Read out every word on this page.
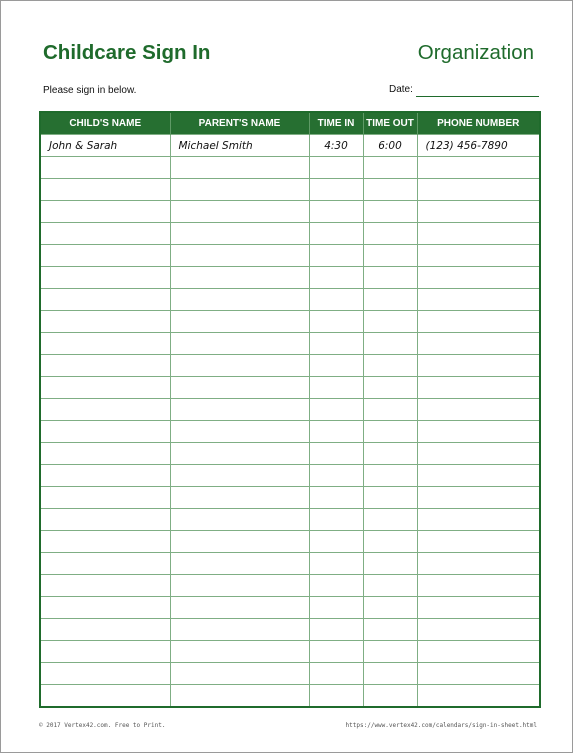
Childcare Sign In	Organization
Please sign in below.	Date:
CHILD'S NAME	PARENT'S NAME	TIME IN	TIME OUT	PHONE NUMBER
John & Sarah	Michael Smith	4:30	6:00	(123) 456-7890

© 2017 Vertex42.com. Free to Print.	https://www.vertex42.com/calendars/sign-in-sheet.html
